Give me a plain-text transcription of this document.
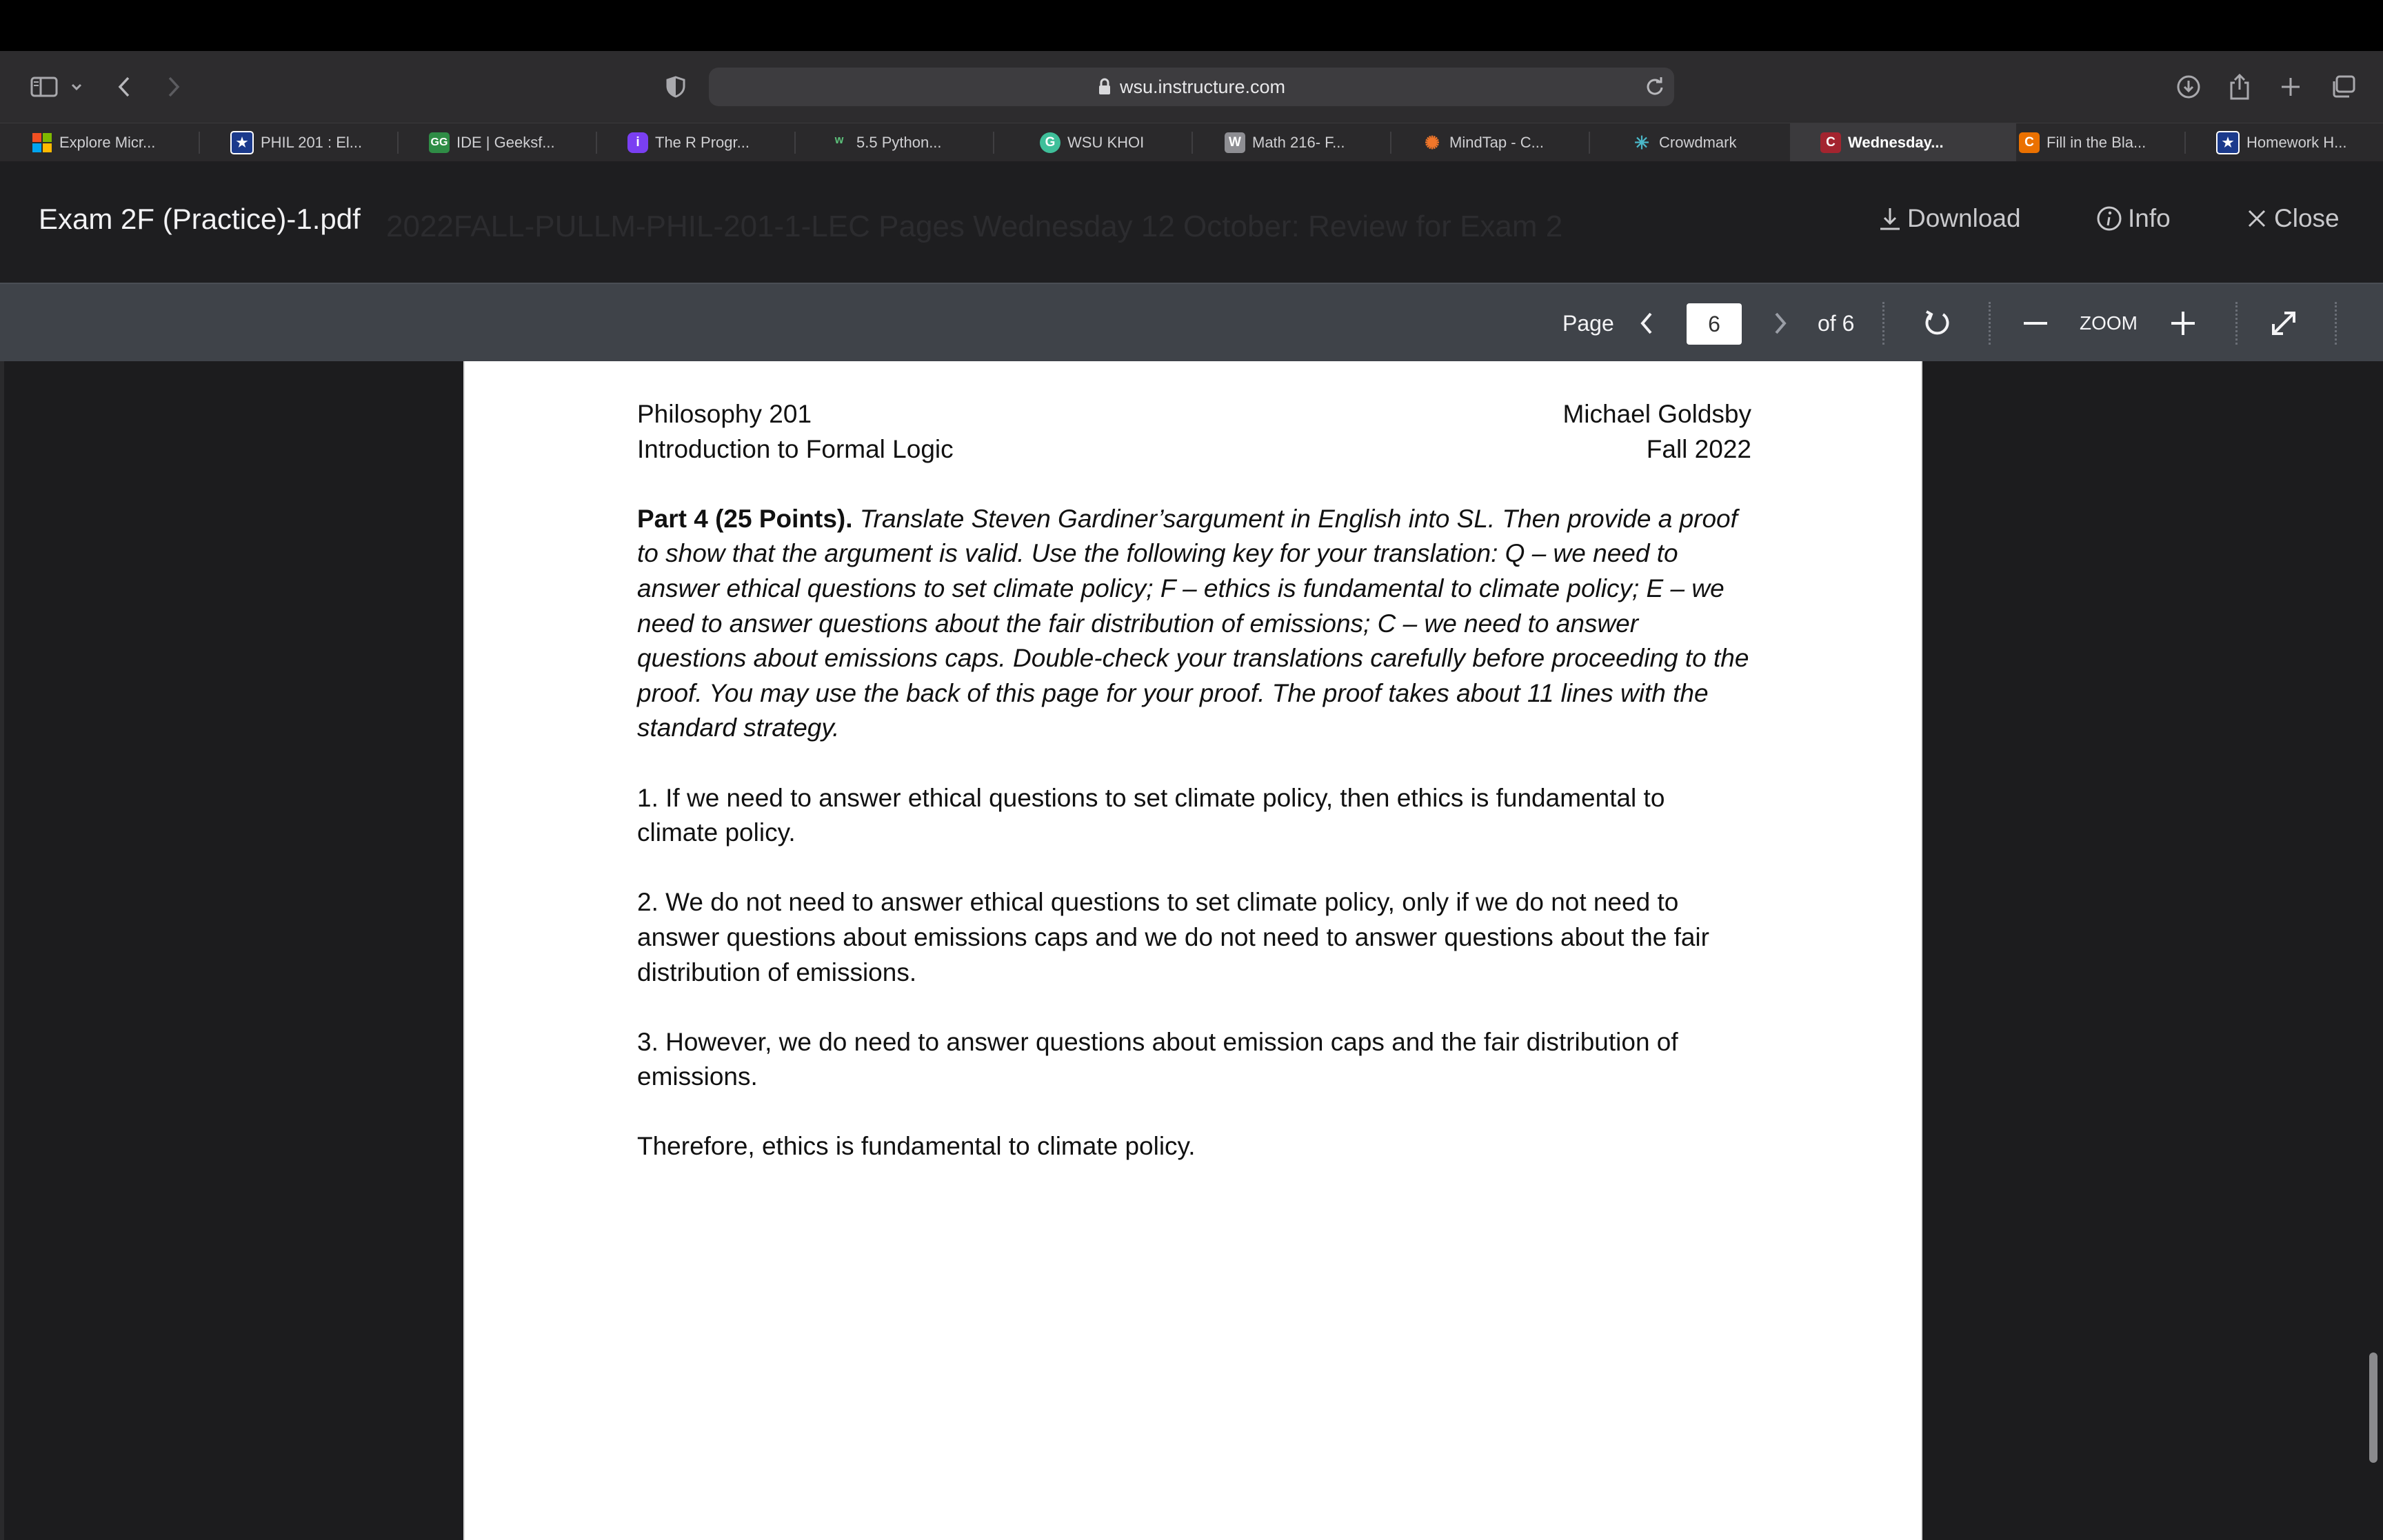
wsu.instructure.com
Explore Micr...	★ PHIL 201 : El...	GG IDE | Geeksf...	i	The R Progr...	ʷ 5.5 Python...	G WSU KHOI	W Math 216- F...	✺ MindTap - C...	✳ Crowdmark	C Wednesday...	C Fill in the Bla...	★ Homework H...
2022FALL-PULLM-PHIL-201-1-LEC Pages Wednesday 12 October: Review for Exam 2
Exam 2F (Practice)-1.pdf	Download	Info	Close
Page
6	of 6	ZOOM
Philosophy 201	Michael Goldsby
Introduction to Formal Logic	Fall 2022

Part 4 (25 Points). Translate Steven Gardiner’sargument in English into SL. Then provide a proof to show that the argument is valid. Use the following key for your translation: Q – we need to answer ethical questions to set climate policy; F – ethics is fundamental to climate policy; E – we need to answer questions about the fair distribution of emissions; C – we need to answer questions about emissions caps. Double-check your translations carefully before proceeding to the proof. You may use the back of this page for your proof. The proof takes about 11 lines with the standard strategy.

1. If we need to answer ethical questions to set climate policy, then ethics is fundamental to climate policy.

2. We do not need to answer ethical questions to set climate policy, only if we do not need to answer questions about emissions caps and we do not need to answer questions about the fair distribution of emissions.

3. However, we do need to answer questions about emission caps and the fair distribution of emissions.

Therefore, ethics is fundamental to climate policy.
